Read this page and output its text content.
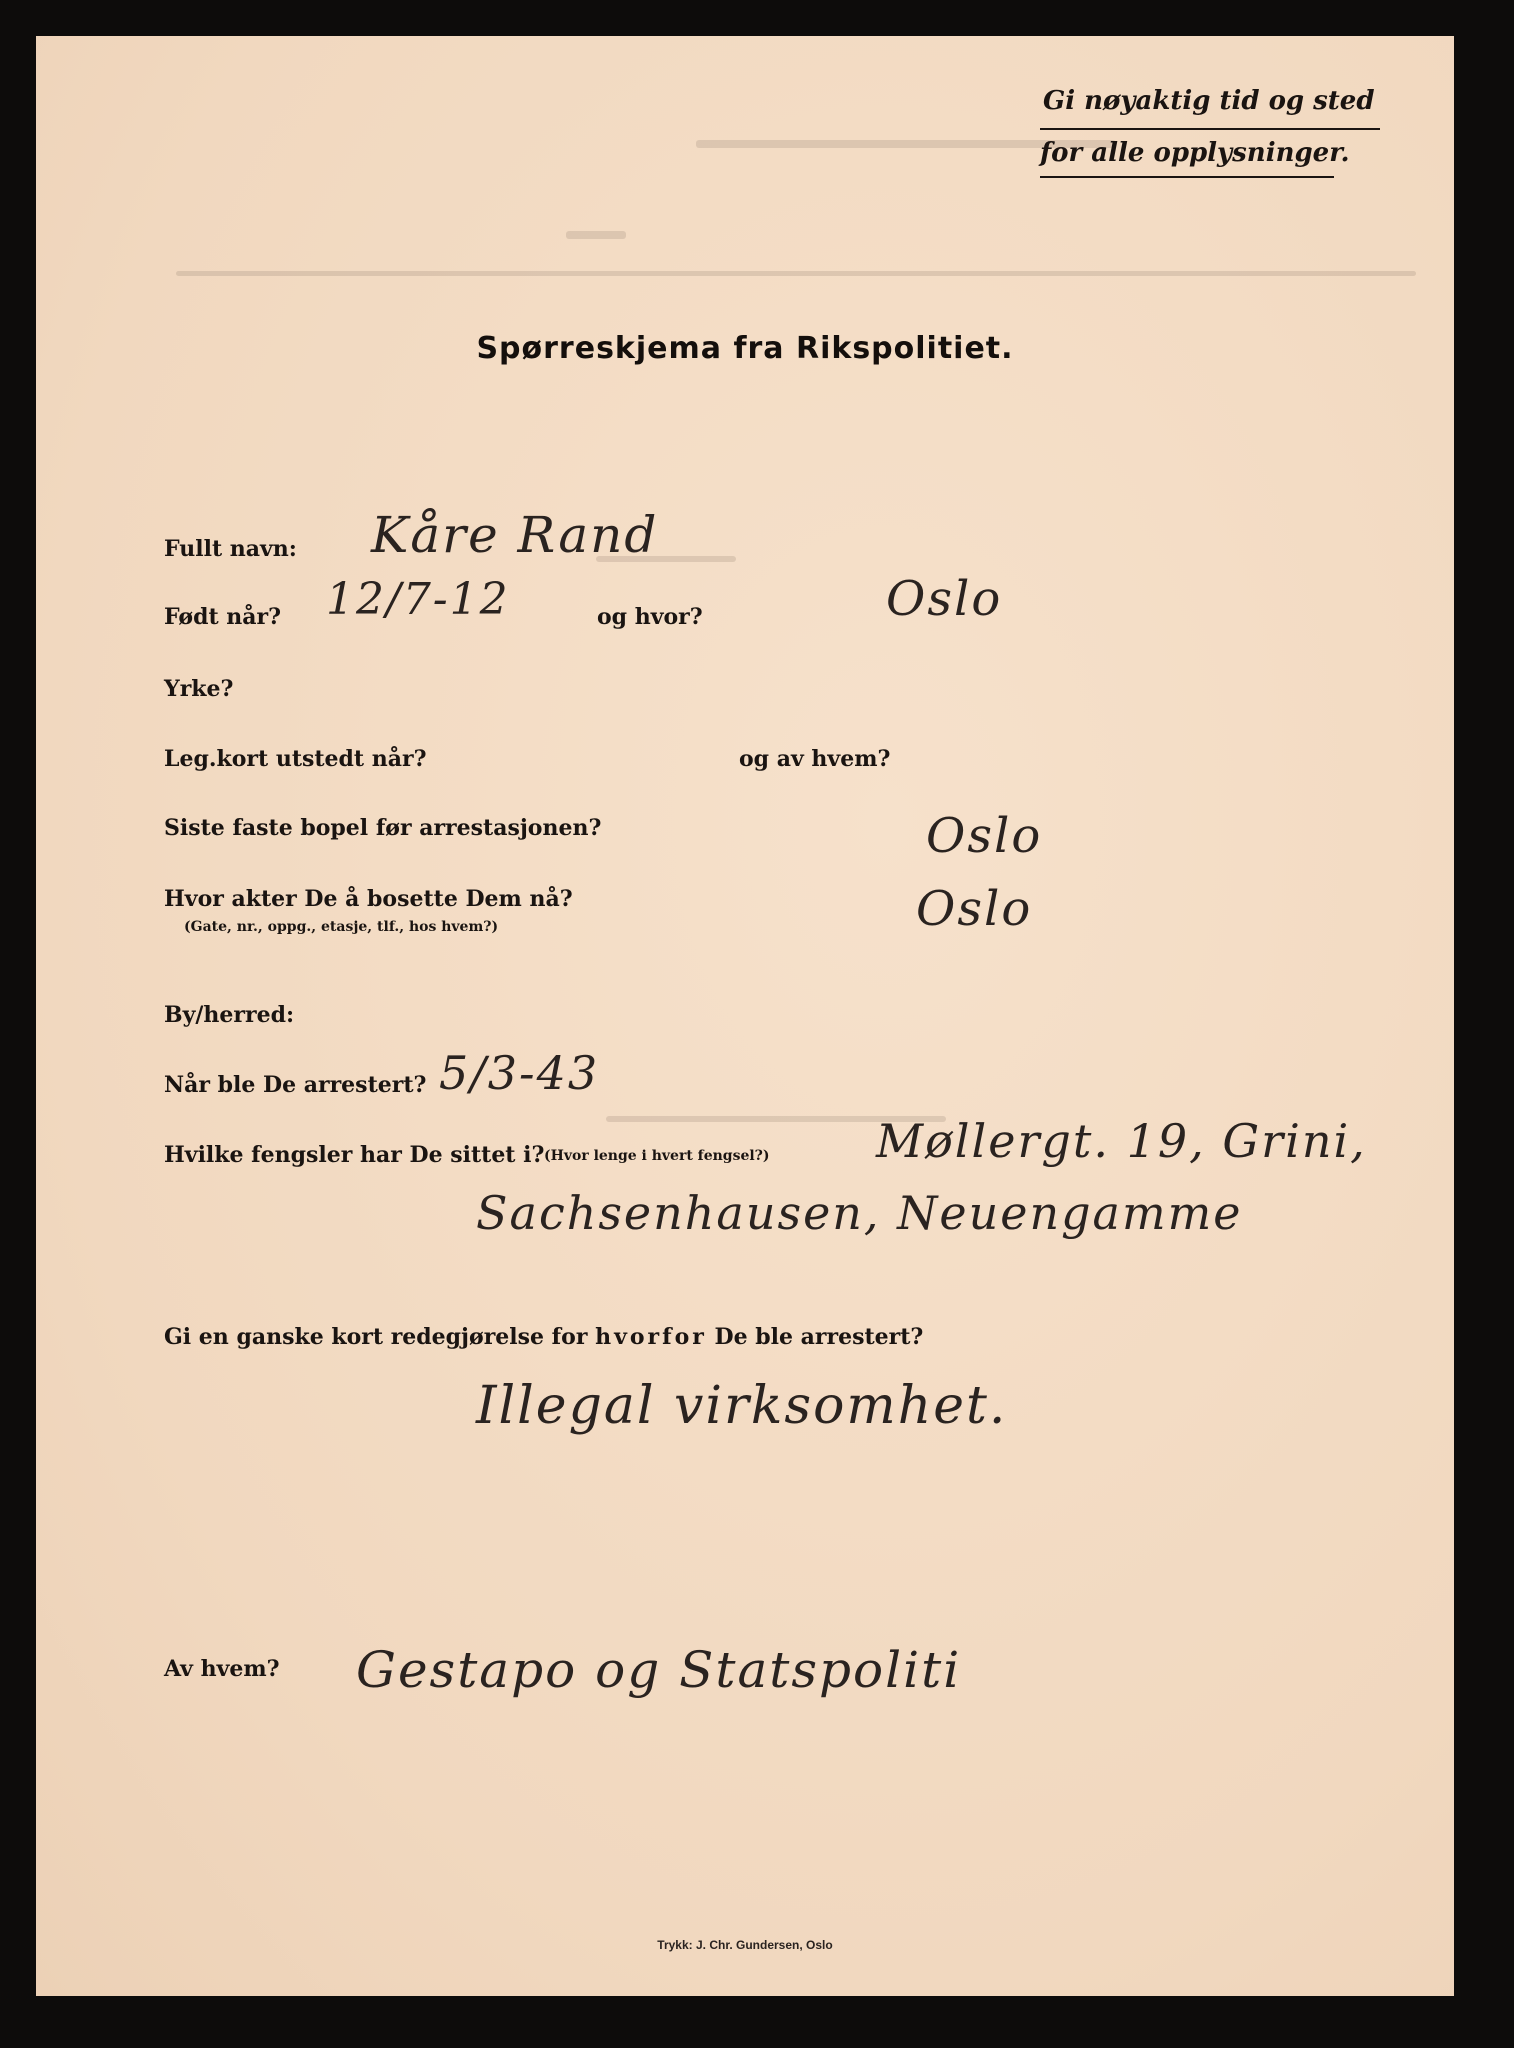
Gi nøyaktig tid og sted
for alle opplysninger.
Spørreskjema fra Rikspolitiet.
Fullt navn: Kåre Rand
Født når? 12/7-12	og hvor?	Oslo
Yrke?
Leg.kort utstedt når?	og av hvem?
Siste faste bopel før arrestasjonen?	Oslo
Hvor akter De å bosette Dem nå?
(Gate, nr., oppg., etasje, tlf., hos hvem?)	Oslo
By/herred:
Når ble De arrestert? 5/3-43
Hvilke fengsler har De sittet i? (Hvor lenge i hvert fengsel?) Møllergt. 19, Grini,
Sachsenhausen, Neuengamme
Gi en ganske kort redegjørelse for hvorfor De ble arrestert?
Illegal virksomhet.
Av hvem? Gestapo og Statspoliti
Trykk: J. Chr. Gundersen, Oslo
